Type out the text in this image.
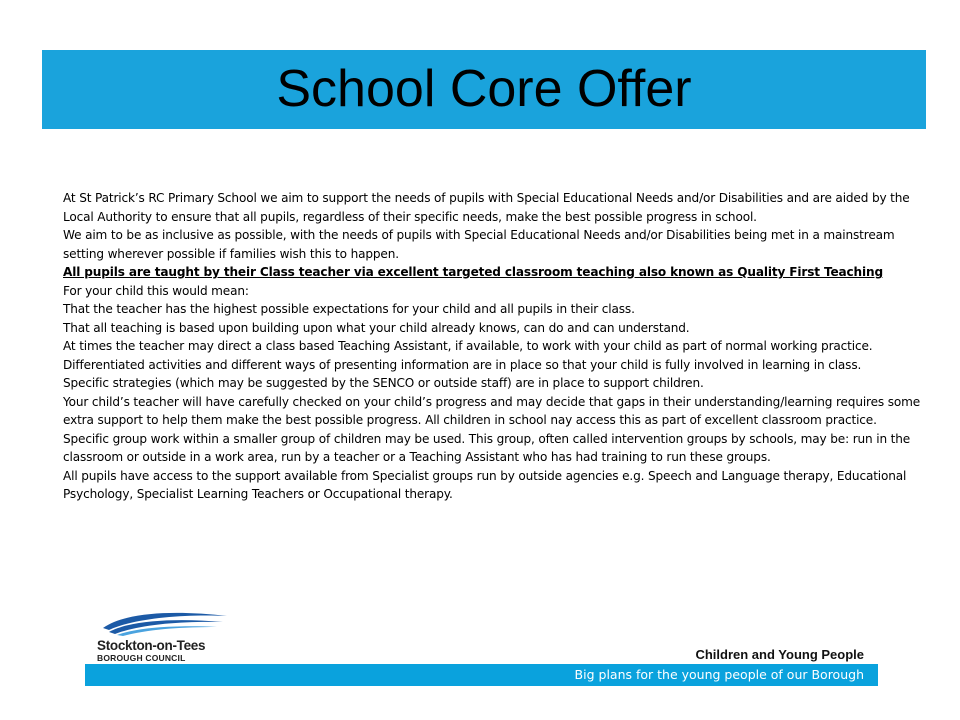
School Core Offer

At St Patrick’s RC Primary School we aim to support the needs of pupils with Special Educational Needs and/or Disabilities and are aided by the Local Authority to ensure that all pupils, regardless of their specific needs, make the best possible progress in school.

We aim to be as inclusive as possible, with the needs of pupils with Special Educational Needs and/or Disabilities being met in a mainstream setting wherever possible if families wish this to happen.

All pupils are taught by their Class teacher via excellent targeted classroom teaching also known as Quality First Teaching

For your child this would mean:

That the teacher has the highest possible expectations for your child and all pupils in their class.

That all teaching is based upon building upon what your child already knows, can do and can understand.

At times the teacher may direct a class based Teaching Assistant, if available, to work with your child as part of normal working practice.

Differentiated activities and different ways of presenting information are in place so that your child is fully involved in learning in class.

Specific strategies (which may be suggested by the SENCO or outside staff) are in place to support children.

Your child’s teacher will have carefully checked on your child’s progress and may decide that gaps in their understanding/learning requires some extra support to help them make the best possible progress. All children in school nay access this as part of excellent classroom practice.

Specific group work within a smaller group of children may be used. This group, often called intervention groups by schools, may be: run in the classroom or outside in a work area, run by a teacher or a Teaching Assistant who has had training to run these groups.

All pupils have access to the support available from Specialist groups run by outside agencies e.g. Speech and Language therapy, Educational Psychology, Specialist Learning Teachers or Occupational therapy.

Stockton-on-Tees
BOROUGH COUNCIL	Children and Young People
Big plans for the young people of our Borough
